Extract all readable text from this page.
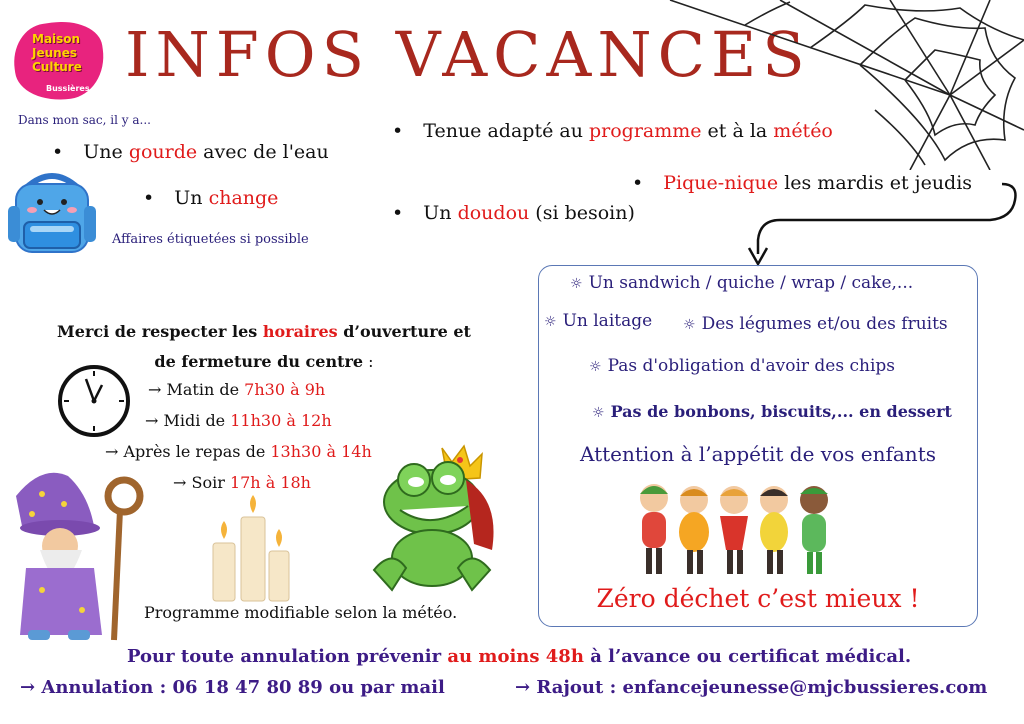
Maison
Jeunes
Culture
Bussières INFOS VACANCES
Dans mon sac, il y a...
• Une gourde avec de l'eau
• Un change
Affaires étiquetées si possible
• Tenue adapté au programme et à la météo
• Pique-nique les mardis et jeudis
• Un doudou (si besoin)
☼ Un sandwich / quiche / wrap / cake,...
☼ Un laitage ☼ Des légumes et/ou des fruits
☼ Pas d'obligation d'avoir des chips
☼ Pas de bonbons, biscuits,... en dessert
Attention à l’appétit de vos enfants
Zéro déchet c’est mieux !
Merci de respecter les horaires d’ouverture et
de fermeture du centre :
→ Matin de 7h30 à 9h
→ Midi de 11h30 à 12h
→ Après le repas de 13h30 à 14h
→ Soir 17h à 18h
Programme modifiable selon la météo.
Pour toute annulation prévenir au moins 48h à l’avance ou certificat médical.
→ Annulation : 06 18 47 80 89 ou par mail	→ Rajout : enfancejeunesse@mjcbussieres.com
